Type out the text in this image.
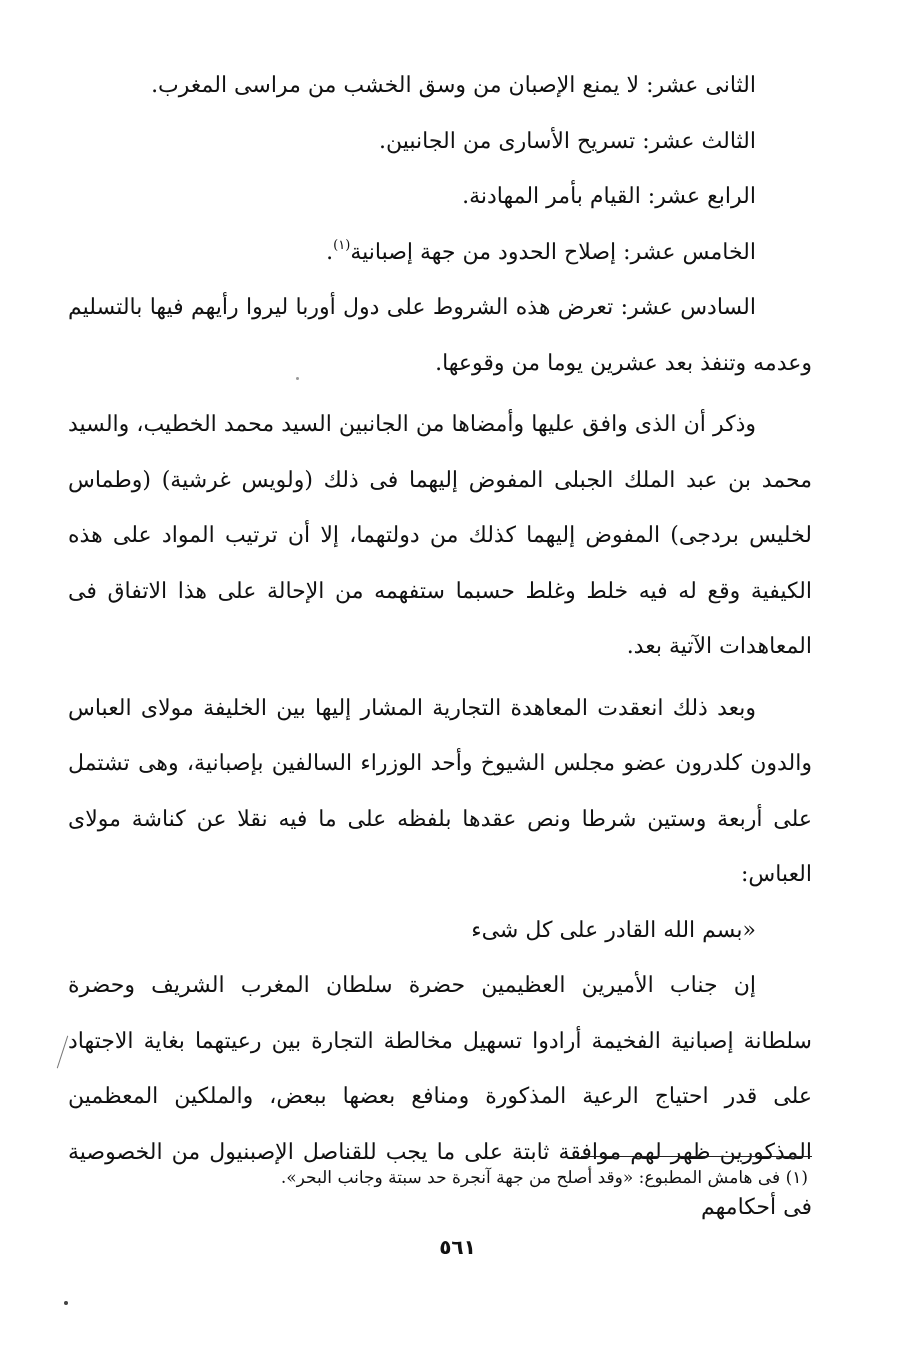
الثانى عشر: لا يمنع الإصبان من وسق الخشب من مراسى المغرب.

الثالث عشر: تسريح الأسارى من الجانبين.

الرابع عشر: القيام بأمر المهادنة.

الخامس عشر: إصلاح الحدود من جهة إصبانية$^{(١)}$.

السادس عشر: تعرض هذه الشروط على دول أوربا ليروا رأيهم فيها بالتسليم وعدمه وتنفذ بعد عشرين يوما من وقوعها.

وذكر أن الذى وافق عليها وأمضاها من الجانبين السيد محمد الخطيب، والسيد محمد بن عبد الملك الجبلى المفوض إليهما فى ذلك (ولويس غرشية) (وطماس لخليس بردجى) المفوض إليهما كذلك من دولتهما، إلا أن ترتيب المواد على هذه الكيفية وقع له فيه خلط وغلط حسبما ستفهمه من الإحالة على هذا الاتفاق فى المعاهدات الآتية بعد.

وبعد ذلك انعقدت المعاهدة التجارية المشار إليها بين الخليفة مولاى العباس والدون كلدرون عضو مجلس الشيوخ وأحد الوزراء السالفين بإصبانية، وهى تشتمل على أربعة وستين شرطا ونص عقدها بلفظه على ما فيه نقلا عن كناشة مولاى العباس:

«بسم الله القادر على كل شىء

إن جناب الأميرين العظيمين حضرة سلطان المغرب الشريف وحضرة سلطانة إصبانية الفخيمة أرادوا تسهيل مخالطة التجارة بين رعيتهما بغاية الاجتهاد على قدر احتياج الرعية المذكورة ومنافع بعضها ببعض، والملكين المعظمين المذكورين ظهر لهم موافقة ثابتة على ما يجب للقناصل الإصبنيول من الخصوصية فى أحكامهم

(١) فى هامش المطبوع: «وقد أصلح من جهة آنجرة حد سبتة وجانب البحر».
٥٦١
